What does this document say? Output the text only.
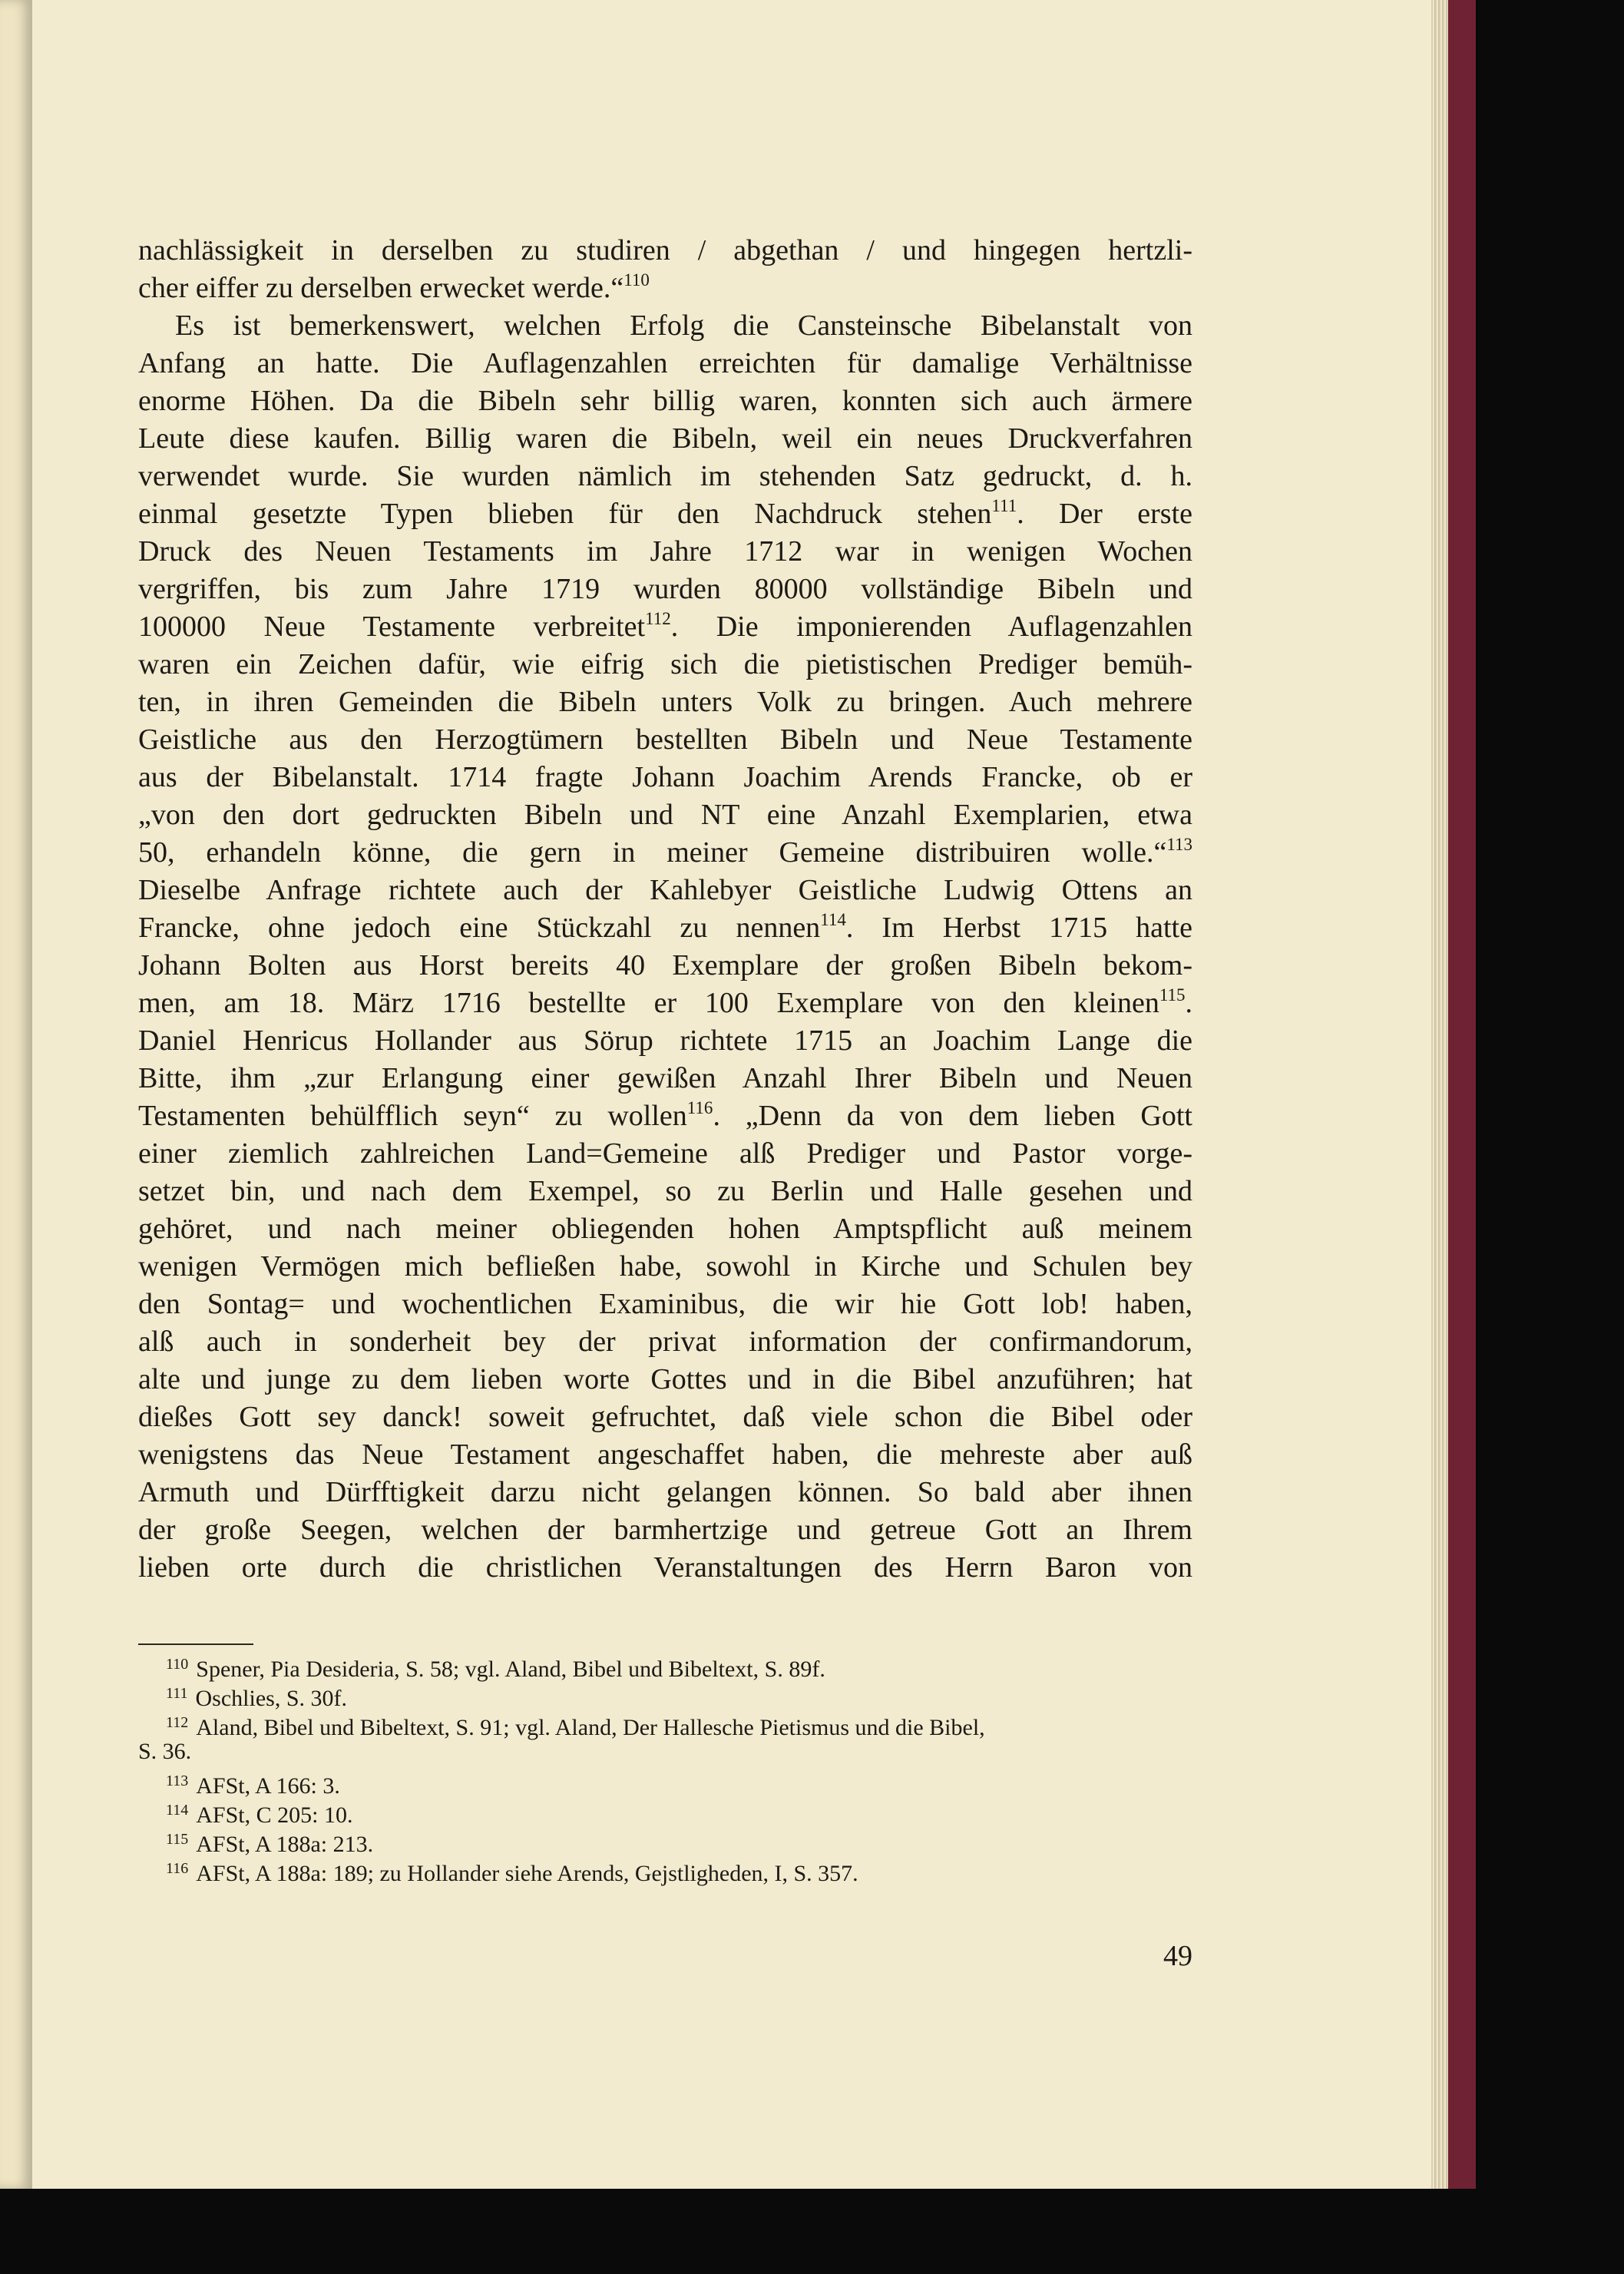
nachlässigkeit in derselben zu studiren / abgethan / und hingegen hertzli-

cher eiffer zu derselben erwecket werde.“$^{110}$

Es ist bemerkenswert, welchen Erfolg die Cansteinsche Bibelanstalt von

Anfang an hatte. Die Auflagenzahlen erreichten für damalige Verhältnisse

enorme Höhen. Da die Bibeln sehr billig waren, konnten sich auch ärmere

Leute diese kaufen. Billig waren die Bibeln, weil ein neues Druckverfahren

verwendet wurde. Sie wurden nämlich im stehenden Satz gedruckt, d. h.

einmal gesetzte Typen blieben für den Nachdruck stehen$^{111}$. Der erste

Druck des Neuen Testaments im Jahre 1712 war in wenigen Wochen

vergriffen, bis zum Jahre 1719 wurden 80000 vollständige Bibeln und

100000 Neue Testamente verbreitet$^{112}$. Die imponierenden Auflagenzahlen

waren ein Zeichen dafür, wie eifrig sich die pietistischen Prediger bemüh-

ten, in ihren Gemeinden die Bibeln unters Volk zu bringen. Auch mehrere

Geistliche aus den Herzogtümern bestellten Bibeln und Neue Testamente

aus der Bibelanstalt. 1714 fragte Johann Joachim Arends Francke, ob er

„von den dort gedruckten Bibeln und NT eine Anzahl Exemplarien, etwa

50, erhandeln könne, die gern in meiner Gemeine distribuiren wolle.“$^{113}$

Dieselbe Anfrage richtete auch der Kahlebyer Geistliche Ludwig Ottens an

Francke, ohne jedoch eine Stückzahl zu nennen$^{114}$. Im Herbst 1715 hatte

Johann Bolten aus Horst bereits 40 Exemplare der großen Bibeln bekom-

men, am 18. März 1716 bestellte er 100 Exemplare von den kleinen$^{115}$.

Daniel Henricus Hollander aus Sörup richtete 1715 an Joachim Lange die

Bitte, ihm „zur Erlangung einer gewißen Anzahl Ihrer Bibeln und Neuen

Testamenten behülfflich seyn“ zu wollen$^{116}$. „Denn da von dem lieben Gott

einer ziemlich zahlreichen Land=Gemeine alß Prediger und Pastor vorge-

setzet bin, und nach dem Exempel, so zu Berlin und Halle gesehen und

gehöret, und nach meiner obliegenden hohen Amptspflicht auß meinem

wenigen Vermögen mich befließen habe, sowohl in Kirche und Schulen bey

den Sontag= und wochentlichen Examinibus, die wir hie Gott lob! haben,

alß auch in sonderheit bey der privat information der confirmandorum,

alte und junge zu dem lieben worte Gottes und in die Bibel anzuführen; hat

dießes Gott sey danck! soweit gefruchtet, daß viele schon die Bibel oder

wenigstens das Neue Testament angeschaffet haben, die mehreste aber auß

Armuth und Dürfftigkeit darzu nicht gelangen können. So bald aber ihnen

der große Seegen, welchen der barmhertzige und getreue Gott an Ihrem

lieben orte durch die christlichen Veranstaltungen des Herrn Baron von

$^{110}$ Spener, Pia Desideria, S. 58; vgl. Aland, Bibel und Bibeltext, S. 89f.

$^{111}$ Oschlies, S. 30f.

$^{112}$ Aland, Bibel und Bibeltext, S. 91; vgl. Aland, Der Hallesche Pietismus und die Bibel,

S. 36.

$^{113}$ AFSt, A 166: 3.

$^{114}$ AFSt, C 205: 10.

$^{115}$ AFSt, A 188a: 213.

$^{116}$ AFSt, A 188a: 189; zu Hollander siehe Arends, Gejstligheden, I, S. 357.

49
